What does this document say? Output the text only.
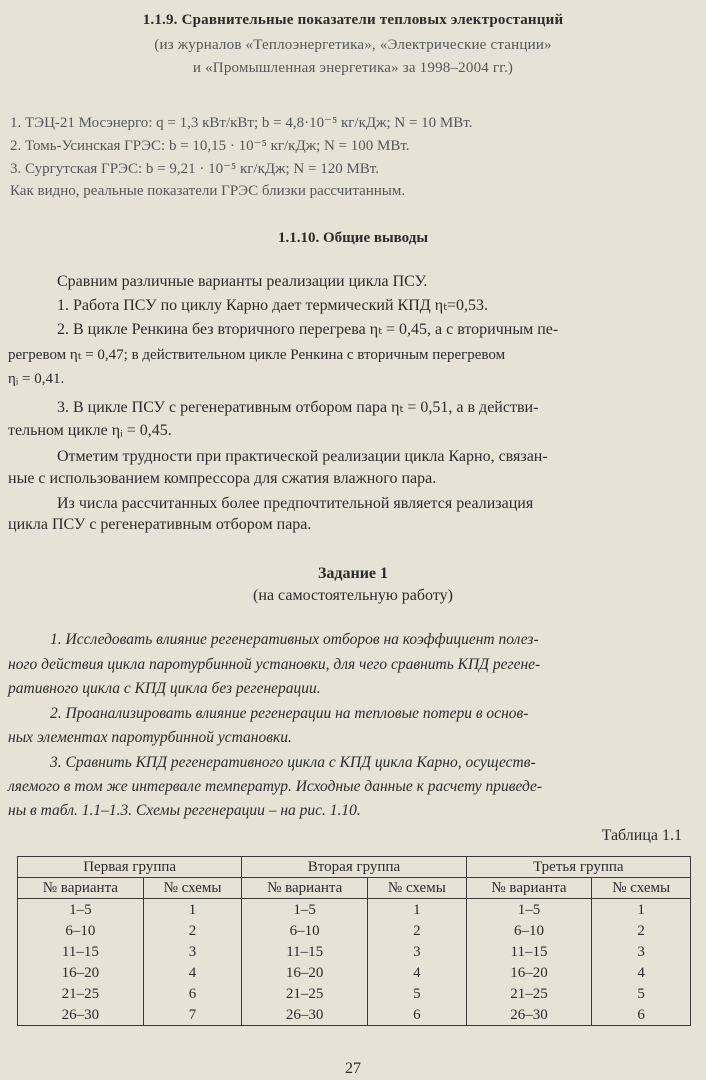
1.1.9. Сравнительные показатели тепловых электростанций
(из журналов «Теплоэнергетика», «Электрические станции»
и «Промышленная энергетика» за 1998–2004 гг.)
1. ТЭЦ-21 Мосэнерго: q = 1,3 кВт/кВт; b = 4,8·10⁻⁵ кг/кДж; N = 10 МВт.
2. Томь-Усинская ГРЭС: b = 10,15 · 10⁻⁵ кг/кДж; N = 100 МВт.
3. Сургутская ГРЭС: b = 9,21 · 10⁻⁵ кг/кДж; N = 120 МВт.
Как видно, реальные показатели ГРЭС близки рассчитанным.
1.1.10. Общие выводы
Сравним различные варианты реализации цикла ПСУ.
1. Работа ПСУ по циклу Карно дает термический КПД ηₜ=0,53.
2. В цикле Ренкина без вторичного перегрева ηₜ = 0,45, а с вторичным пе-
регревом ηₜ = 0,47; в действительном цикле Ренкина с вторичным перегревом
ηᵢ = 0,41.
3. В цикле ПСУ с регенеративным отбором пара ηₜ = 0,51, а в действи-
тельном цикле ηᵢ = 0,45.
Отметим трудности при практической реализации цикла Карно, связан-
ные с использованием компрессора для сжатия влажного пара.
Из числа рассчитанных более предпочтительной является реализация
цикла ПСУ с регенеративным отбором пара.
Задание 1
(на самостоятельную работу)
1. Исследовать влияние регенеративных отборов на коэффициент полез-
ного действия цикла паротурбинной установки, для чего сравнить КПД регене-
ративного цикла с КПД цикла без регенерации.
2. Проанализировать влияние регенерации на тепловые потери в основ-
ных элементах паротурбинной установки.
3. Сравнить КПД регенеративного цикла с КПД цикла Карно, осуществ-
ляемого в том же интервале температур. Исходные данные к расчету приведе-
ны в табл. 1.1–1.3. Схемы регенерации – на рис. 1.10.
Таблица 1.1
Первая группа		Вторая группа		Третья группа	
№ варианта	№ схемы	№ варианта	№ схемы	№ варианта	№ схемы
1–5	1	1–5	1	1–5	1
6–10	2	6–10	2	6–10	2
11–15	3	11–15	3	11–15	3
16–20	4	16–20	4	16–20	4
21–25	6	21–25	5	21–25	5
26–30	7	26–30	6	26–30	6
27
